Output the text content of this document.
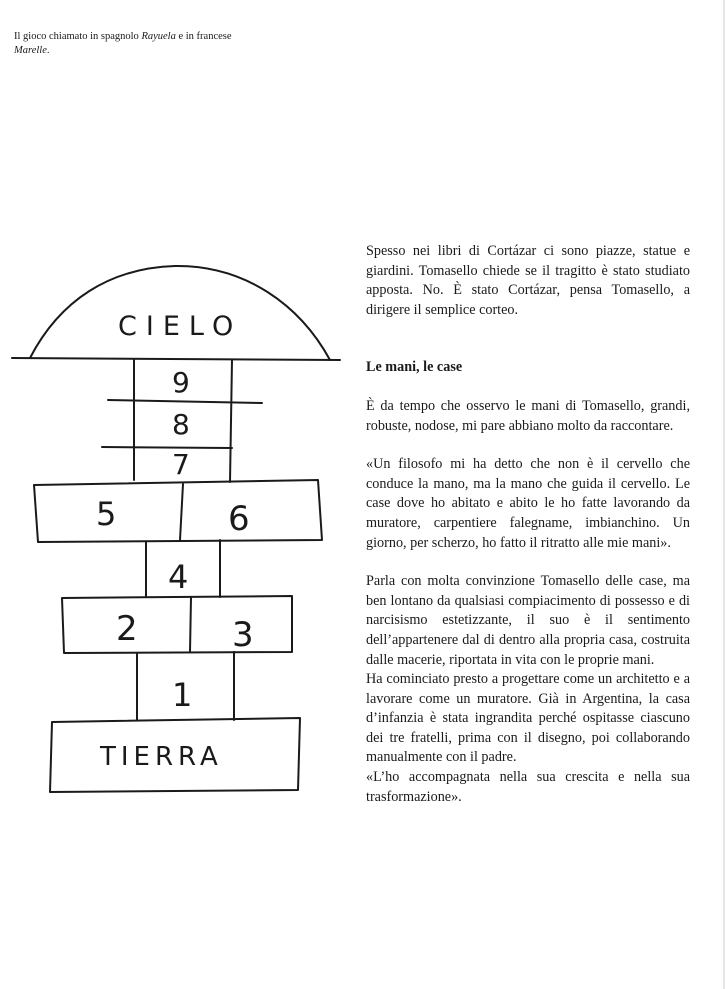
Il gioco chiamato in spagnolo Rayuela e in francese Marelle.
CIELO
9
8
7
5	6
4
2	3
1
TIERRA

Spesso nei libri di Cortázar ci sono piazze, statue e giardini. Tomasello chiede se il tragitto è stato studiato apposta. No. È stato Cortázar, pensa Tomasello, a dirigere il semplice corteo.

Le mani, le case

È da tempo che osservo le mani di Tomasello, grandi, robuste, nodose, mi pare abbiano molto da raccontare.

«Un filosofo mi ha detto che non è il cervello che conduce la mano, ma la mano che guida il cervello. Le case dove ho abitato e abito le ho fatte lavorando da muratore, carpentiere falegname, imbianchino. Un giorno, per scherzo, ho fatto il ritratto alle mie mani».

Parla con molta convinzione Tomasello delle case, ma ben lontano da qualsiasi compiacimento di possesso e di narcisismo estetizzante, il suo è il sentimento dell’appartenere dal di dentro alla propria casa, costruita dalle macerie, riportata in vita con le proprie mani.

Ha cominciato presto a progettare come un architetto e a lavorare come un muratore. Già in Argentina, la casa d’infanzia è stata ingrandita perché ospitasse ciascuno dei tre fratelli, prima con il disegno, poi collaborando manualmente con il padre.

«L’ho accompagnata nella sua crescita e nella sua trasformazione».
